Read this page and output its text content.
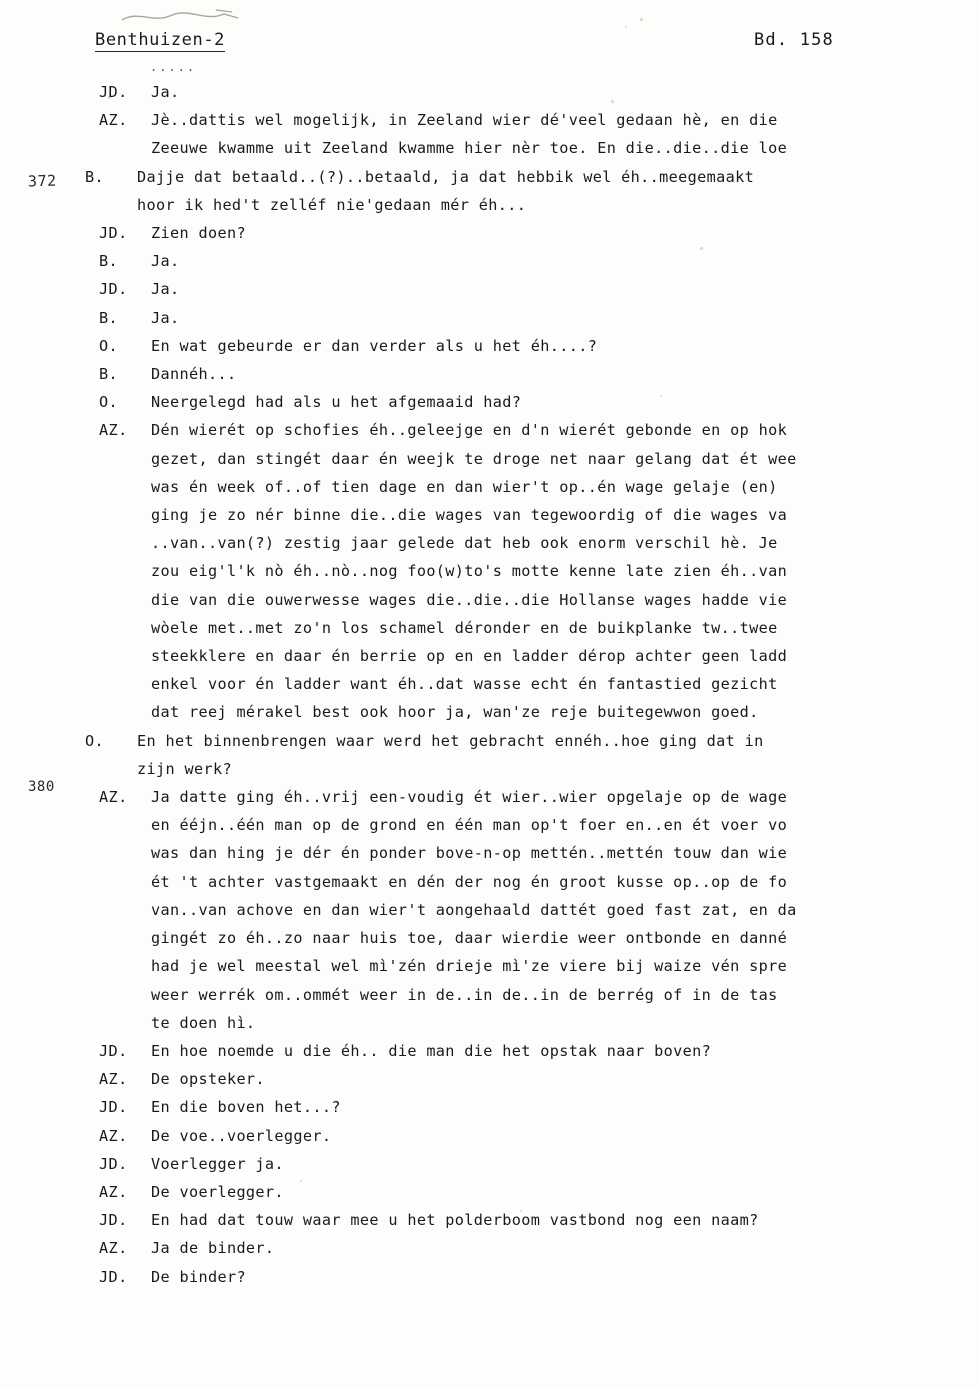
.....
Benthuizen-2	Bd. 158
372
380
JD.	Ja.
AZ.	Jè..dattis wel mogelijk, in Zeeland wier dé'veel gedaan hè, en die
Zeeuwe kwamme uit Zeeland kwamme hier nèr toe. En die..die..die loe
B.	Dajje dat betaald..(?)..betaald, ja dat hebbik wel éh..meegemaakt
hoor ik hed't zelléf nie'gedaan mér éh...
JD.	Zien doen?
B.	Ja.
JD.	Ja.
B.	Ja.
O.	En wat gebeurde er dan verder als u het éh....?
B.	Dannéh...
O.	Neergelegd had als u het afgemaaid had?
AZ.	Dén wierét op schofies éh..geleejge en d'n wierét gebonde en op hok
gezet, dan stingét daar én weejk te droge net naar gelang dat ét wee
was én week of..of tien dage en dan wier't op..én wage gelaje (en)
ging je zo nér binne die..die wages van tegewoordig of die wages va
..van..van(?) zestig jaar gelede dat heb ook enorm verschil hè. Je
zou eig'l'k nò éh..nò..nog foo(w)to's motte kenne late zien éh..van
die van die ouwerwesse wages die..die..die Hollanse wages hadde vie
wòele met..met zo'n los schamel déronder en de buikplanke tw..twee
steekklere en daar én berrie op en en ladder dérop achter geen ladd
enkel voor én ladder want éh..dat wasse echt én fantastied gezicht
dat reej mérakel best ook hoor ja, wan'ze reje buitegewwon goed.
O.	En het binnenbrengen waar werd het gebracht ennéh..hoe ging dat in
zijn werk?
AZ.	Ja datte ging éh..vrij een-voudig ét wier..wier opgelaje op de wage
en ééjn..één man op de grond en één man op't foer en..en ét voer vo
was dan hing je dér én ponder bove-n-op mettén..mettén touw dan wie
ét 't achter vastgemaakt en dén der nog én groot kusse op..op de fo
van..van achove en dan wier't aongehaald dattét goed fast zat, en da
gingét zo éh..zo naar huis toe, daar wierdie weer ontbonde en danné
had je wel meestal wel mì'zén drieje mì'ze viere bij waize vén spre
weer werrék om..ommét weer in de..in de..in de berrég of in de tas
te doen hì.
JD.	En hoe noemde u die éh.. die man die het opstak naar boven?
AZ.	De opsteker.
JD.	En die boven het...?
AZ.	De voe..voerlegger.
JD.	Voerlegger ja.
AZ.	De voerlegger.
JD.	En had dat touw waar mee u het polderboom vastbond nog een naam?
AZ.	Ja de binder.
JD.	De binder?
